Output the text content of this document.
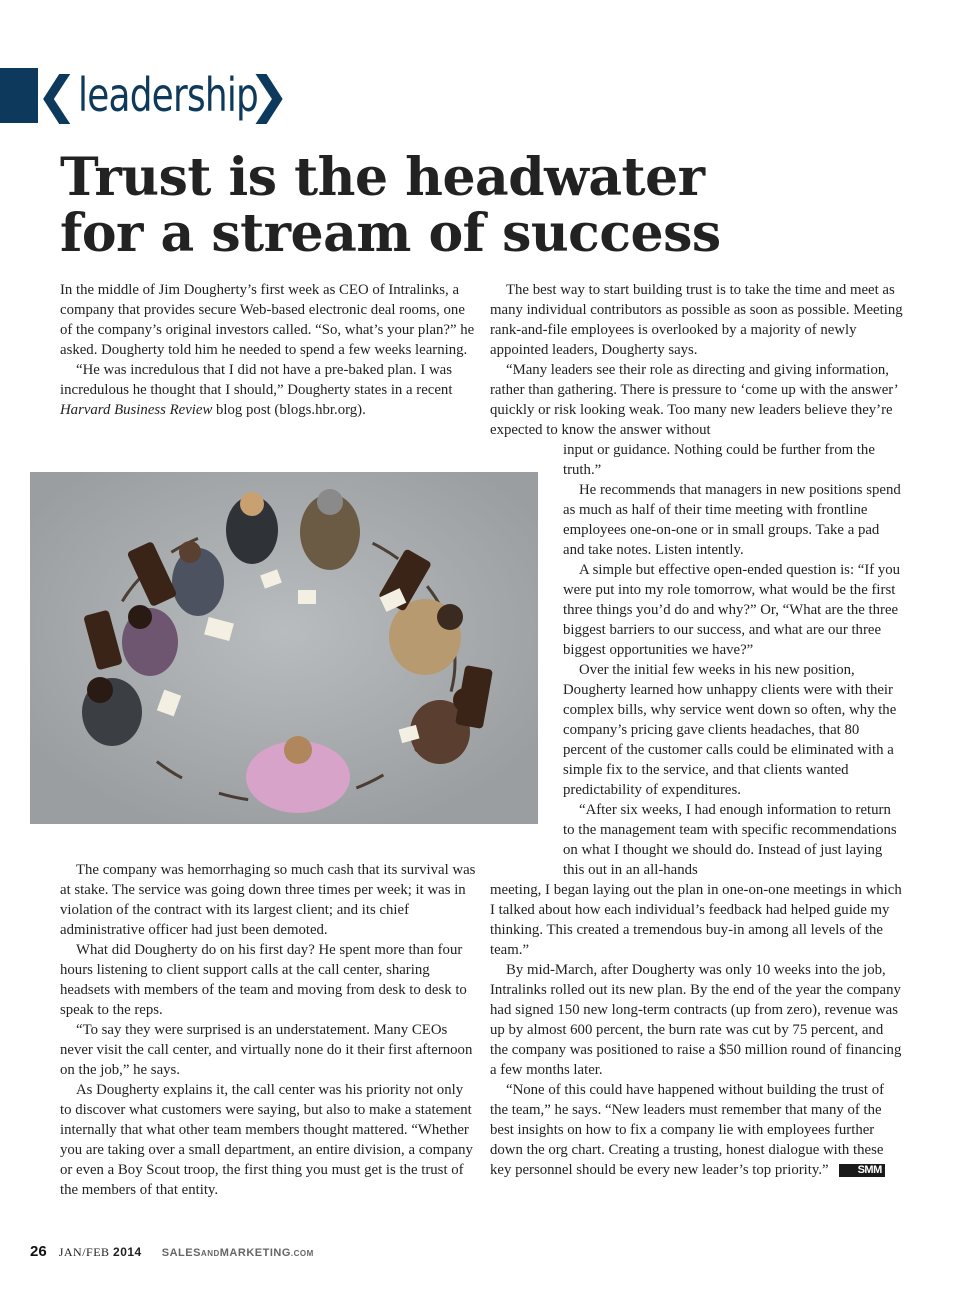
❮ leadership
❯
Trust is the headwater
for a stream of success

In the middle of Jim Dougherty’s first week as CEO of Intralinks, a company that provides secure Web-based electronic deal rooms, one of the company’s original investors called. “So, what’s your plan?” he asked. Dougherty told him he needed to spend a few weeks learning.

“He was incredulous that I did not have a pre-baked plan. I was incredulous he thought that I should,” Dougherty states in a recent Harvard Business Review blog post (blogs.hbr.org).

The company was hemorrhaging so much cash that its survival was at stake. The service was going down three times per week; it was in violation of the contract with its largest client; and its chief administrative officer had just been demoted.

What did Dougherty do on his first day? He spent more than four hours listening to client support calls at the call center, sharing headsets with members of the team and moving from desk to desk to speak to the reps.

“To say they were surprised is an understatement. Many CEOs never visit the call center, and virtually none do it their first afternoon on the job,” he says.

As Dougherty explains it, the call center was his priority not only to discover what customers were saying, but also to make a statement internally that what other team members thought mattered. “Whether you are taking over a small department, an entire division, a company or even a Boy Scout troop, the first thing you must get is the trust of the members of that entity.

The best way to start building trust is to take the time and meet as many individual contributors as possible as soon as possible. Meeting rank-and-file employees is overlooked by a majority of newly appointed leaders, Dougherty says.

“Many leaders see their role as directing and giving information, rather than gathering. There is pressure to ‘come up with the answer’ quickly or risk looking weak. Too many new leaders believe they’re expected to know the answer without

input or guidance. Nothing could be further from the truth.”

He recommends that managers in new positions spend as much as half of their time meeting with frontline employees one-on-one or in small groups. Take a pad and take notes. Listen intently.

A simple but effective open-ended question is: “If you were put into my role tomorrow, what would be the first three things you’d do and why?” Or, “What are the three biggest barriers to our success, and what are our three biggest opportunities we have?”

Over the initial few weeks in his new position, Dougherty learned how unhappy clients were with their complex bills, why service went down so often, why the company’s pricing gave clients headaches, that 80 percent of the customer calls could be eliminated with a simple fix to the service, and that clients wanted predictability of expenditures.

“After six weeks, I had enough information to return to the management team with specific recommendations on what I thought we should do. Instead of just laying this out in an all-hands

meeting, I began laying out the plan in one-on-one meetings in which I talked about how each individual’s feedback had helped guide my thinking. This created a tremendous buy-in among all levels of the team.”

By mid-March, after Dougherty was only 10 weeks into the job, Intralinks rolled out its new plan. By the end of the year the company had signed 150 new long-term contracts (up from zero), revenue was up by almost 600 percent, the burn rate was cut by 75 percent, and the company was positioned to raise a $50 million round of financing a few months later.

“None of this could have happened without building the trust of the team,” he says. “New leaders must remember that many of the best insights on how to fix a company lie with employees further down the org chart. Creating a trusting, honest dialogue with these key personnel should be every new leader’s top priority.”	SMM

26 JAN/FEB 2014 SALESANDMARKETING.COM
